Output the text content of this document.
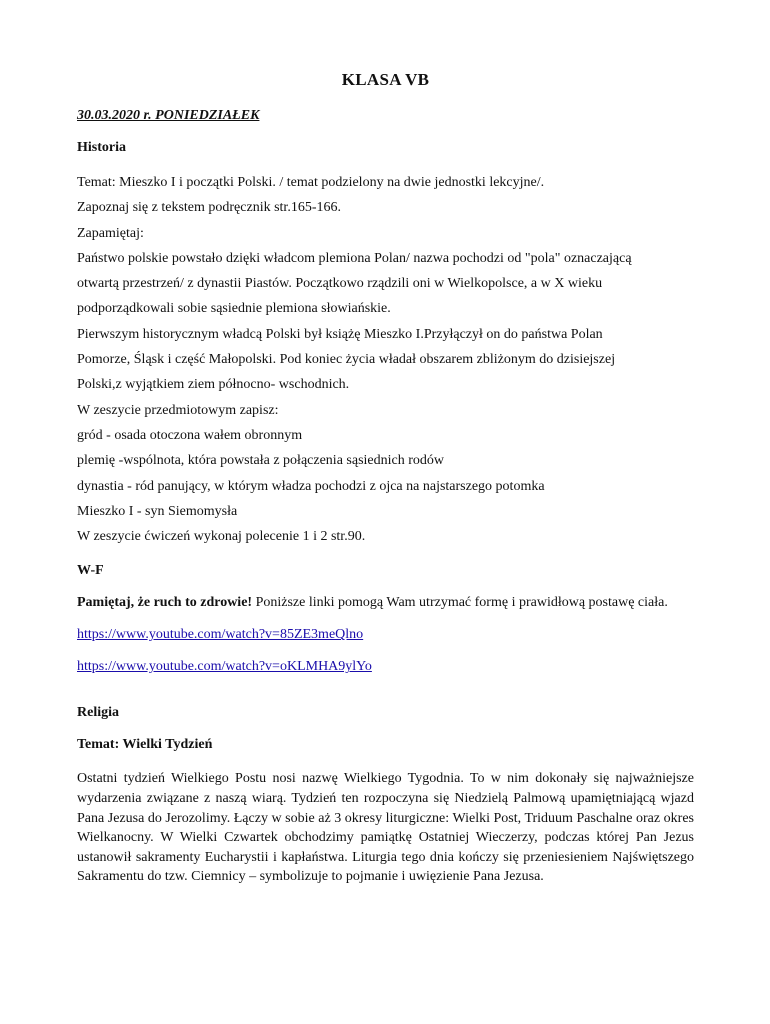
KLASA VB
30.03.2020 r. PONIEDZIAŁEK
Historia
Temat: Mieszko I i początki Polski. / temat podzielony na dwie jednostki lekcyjne/.
Zapoznaj się z tekstem podręcznik str.165-166.
Zapamiętaj:
Państwo polskie powstało dzięki władcom plemiona Polan/ nazwa pochodzi od "pola" oznaczającą
otwartą przestrzeń/ z dynastii Piastów. Początkowo rządzili oni w Wielkopolsce, a w X wieku
podporządkowali sobie sąsiednie plemiona słowiańskie.
Pierwszym historycznym władcą Polski był książę Mieszko I.Przyłączył on do państwa Polan
Pomorze, Śląsk i część Małopolski. Pod koniec życia władał obszarem zbliżonym do dzisiejszej
Polski,z wyjątkiem ziem północno- wschodnich.
W zeszycie przedmiotowym zapisz:
gród - osada otoczona wałem obronnym
plemię -wspólnota, która powstała z połączenia sąsiednich rodów
dynastia - ród panujący, w którym władza pochodzi z ojca na najstarszego potomka
Mieszko I - syn Siemomysła
W zeszycie ćwiczeń wykonaj polecenie 1 i 2 str.90.
W-F
Pamiętaj, że ruch to zdrowie! Poniższe linki pomogą Wam utrzymać formę i prawidłową postawę ciała.
https://www.youtube.com/watch?v=85ZE3meQlno
https://www.youtube.com/watch?v=oKLMHA9ylYo
Religia
Temat: Wielki Tydzień
Ostatni tydzień Wielkiego Postu nosi nazwę Wielkiego Tygodnia. To w nim dokonały się najważniejsze wydarzenia związane z naszą wiarą. Tydzień ten rozpoczyna się Niedzielą Palmową upamiętniającą wjazd Pana Jezusa do Jerozolimy. Łączy w sobie aż 3 okresy liturgiczne: Wielki Post, Triduum Paschalne oraz okres Wielkanocny. W Wielki Czwartek obchodzimy pamiątkę Ostatniej Wieczerzy, podczas której Pan Jezus ustanowił sakramenty Eucharystii i kapłaństwa. Liturgia tego dnia kończy się przeniesieniem Najświętszego Sakramentu do tzw. Ciemnicy – symbolizuje to pojmanie i uwięzienie Pana Jezusa.
